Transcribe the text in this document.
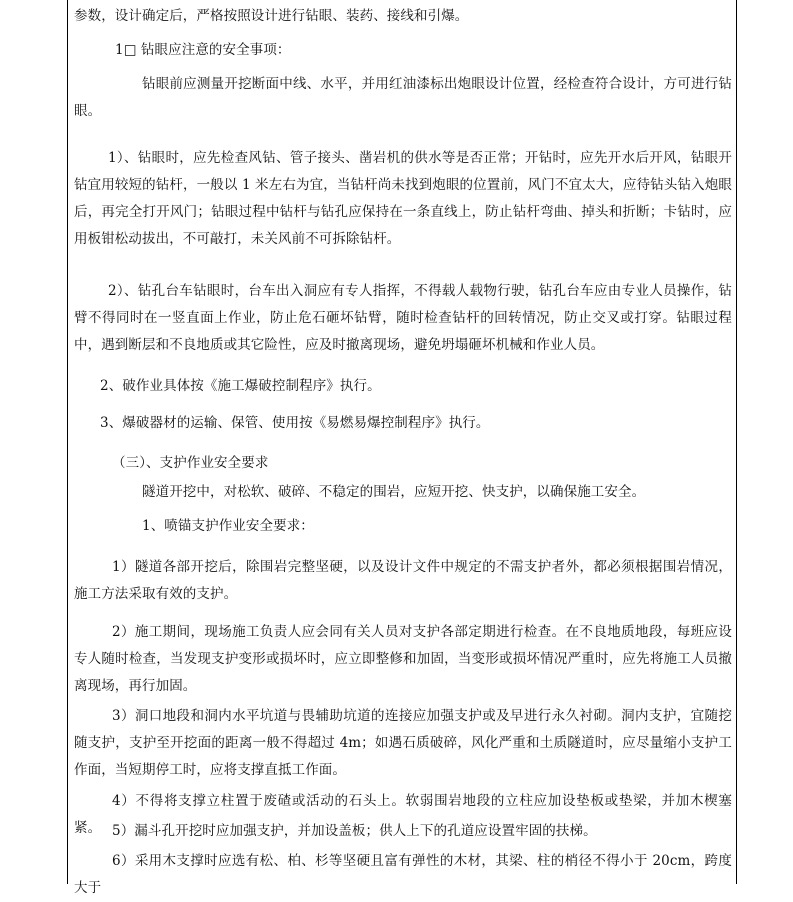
参数，设计确定后，严格按照设计进行钻眼、装药、接线和引爆。

1□ 钻眼应注意的安全事项：

钻眼前应测量开挖断面中线、水平，并用红油漆标出炮眼设计位置，经检查符合设计，方可进行钻眼。

1）、钻眼时，应先检查风钻、管子接头、凿岩机的供水等是否正常；开钻时，应先开水后开风，钻眼开钻宜用较短的钻杆，一般以 1 米左右为宜，当钻杆尚未找到炮眼的位置前，风门不宜太大，应待钻头钻入炮眼后，再完全打开风门；钻眼过程中钻杆与钻孔应保持在一条直线上，防止钻杆弯曲、掉头和折断；卡钻时，应用板钳松动拔出，不可敲打，未关风前不可拆除钻杆。

2）、钻孔台车钻眼时，台车出入洞应有专人指挥，不得载人载物行驶，钻孔台车应由专业人员操作，钻臂不得同时在一竖直面上作业，防止危石砸坏钻臂，随时检查钻杆的回转情况，防止交叉或打穿。钻眼过程中，遇到断层和不良地质或其它险性，应及时撤离现场，避免坍塌砸坏机械和作业人员。

2、破作业具体按《施工爆破控制程序》执行。

3、爆破器材的运输、保管、使用按《易燃易爆控制程序》执行。

（三）、支护作业安全要求

隧道开挖中，对松软、破碎、不稳定的围岩，应短开挖、快支护，以确保施工安全。

1、喷锚支护作业安全要求：

1）隧道各部开挖后，除围岩完整坚硬，以及设计文件中规定的不需支护者外，都必须根据围岩情况，施工方法采取有效的支护。

2）施工期间，现场施工负责人应会同有关人员对支护各部定期进行检查。在不良地质地段，每班应设专人随时检查，当发现支护变形或损坏时，应立即整修和加固，当变形或损坏情况严重时，应先将施工人员撤离现场，再行加固。

3）洞口地段和洞内水平坑道与畏辅助坑道的连接应加强支护或及早进行永久衬砌。洞内支护，宜随挖随支护，支护至开挖面的距离一般不得超过 4m；如遇石质破碎，风化严重和土质隧道时，应尽量缩小支护工作面，当短期停工时，应将支撑直抵工作面。

4）不得将支撑立柱置于废碴或活动的石头上。软弱围岩地段的立柱应加设垫板或垫梁，并加木楔塞紧。 5）漏斗孔开挖时应加强支护，并加设盖板；供人上下的孔道应设置牢固的扶梯。

6）采用木支撑时应选有松、柏、杉等坚硬且富有弹性的木材，其梁、柱的梢径不得小于 20cm，跨度大于
